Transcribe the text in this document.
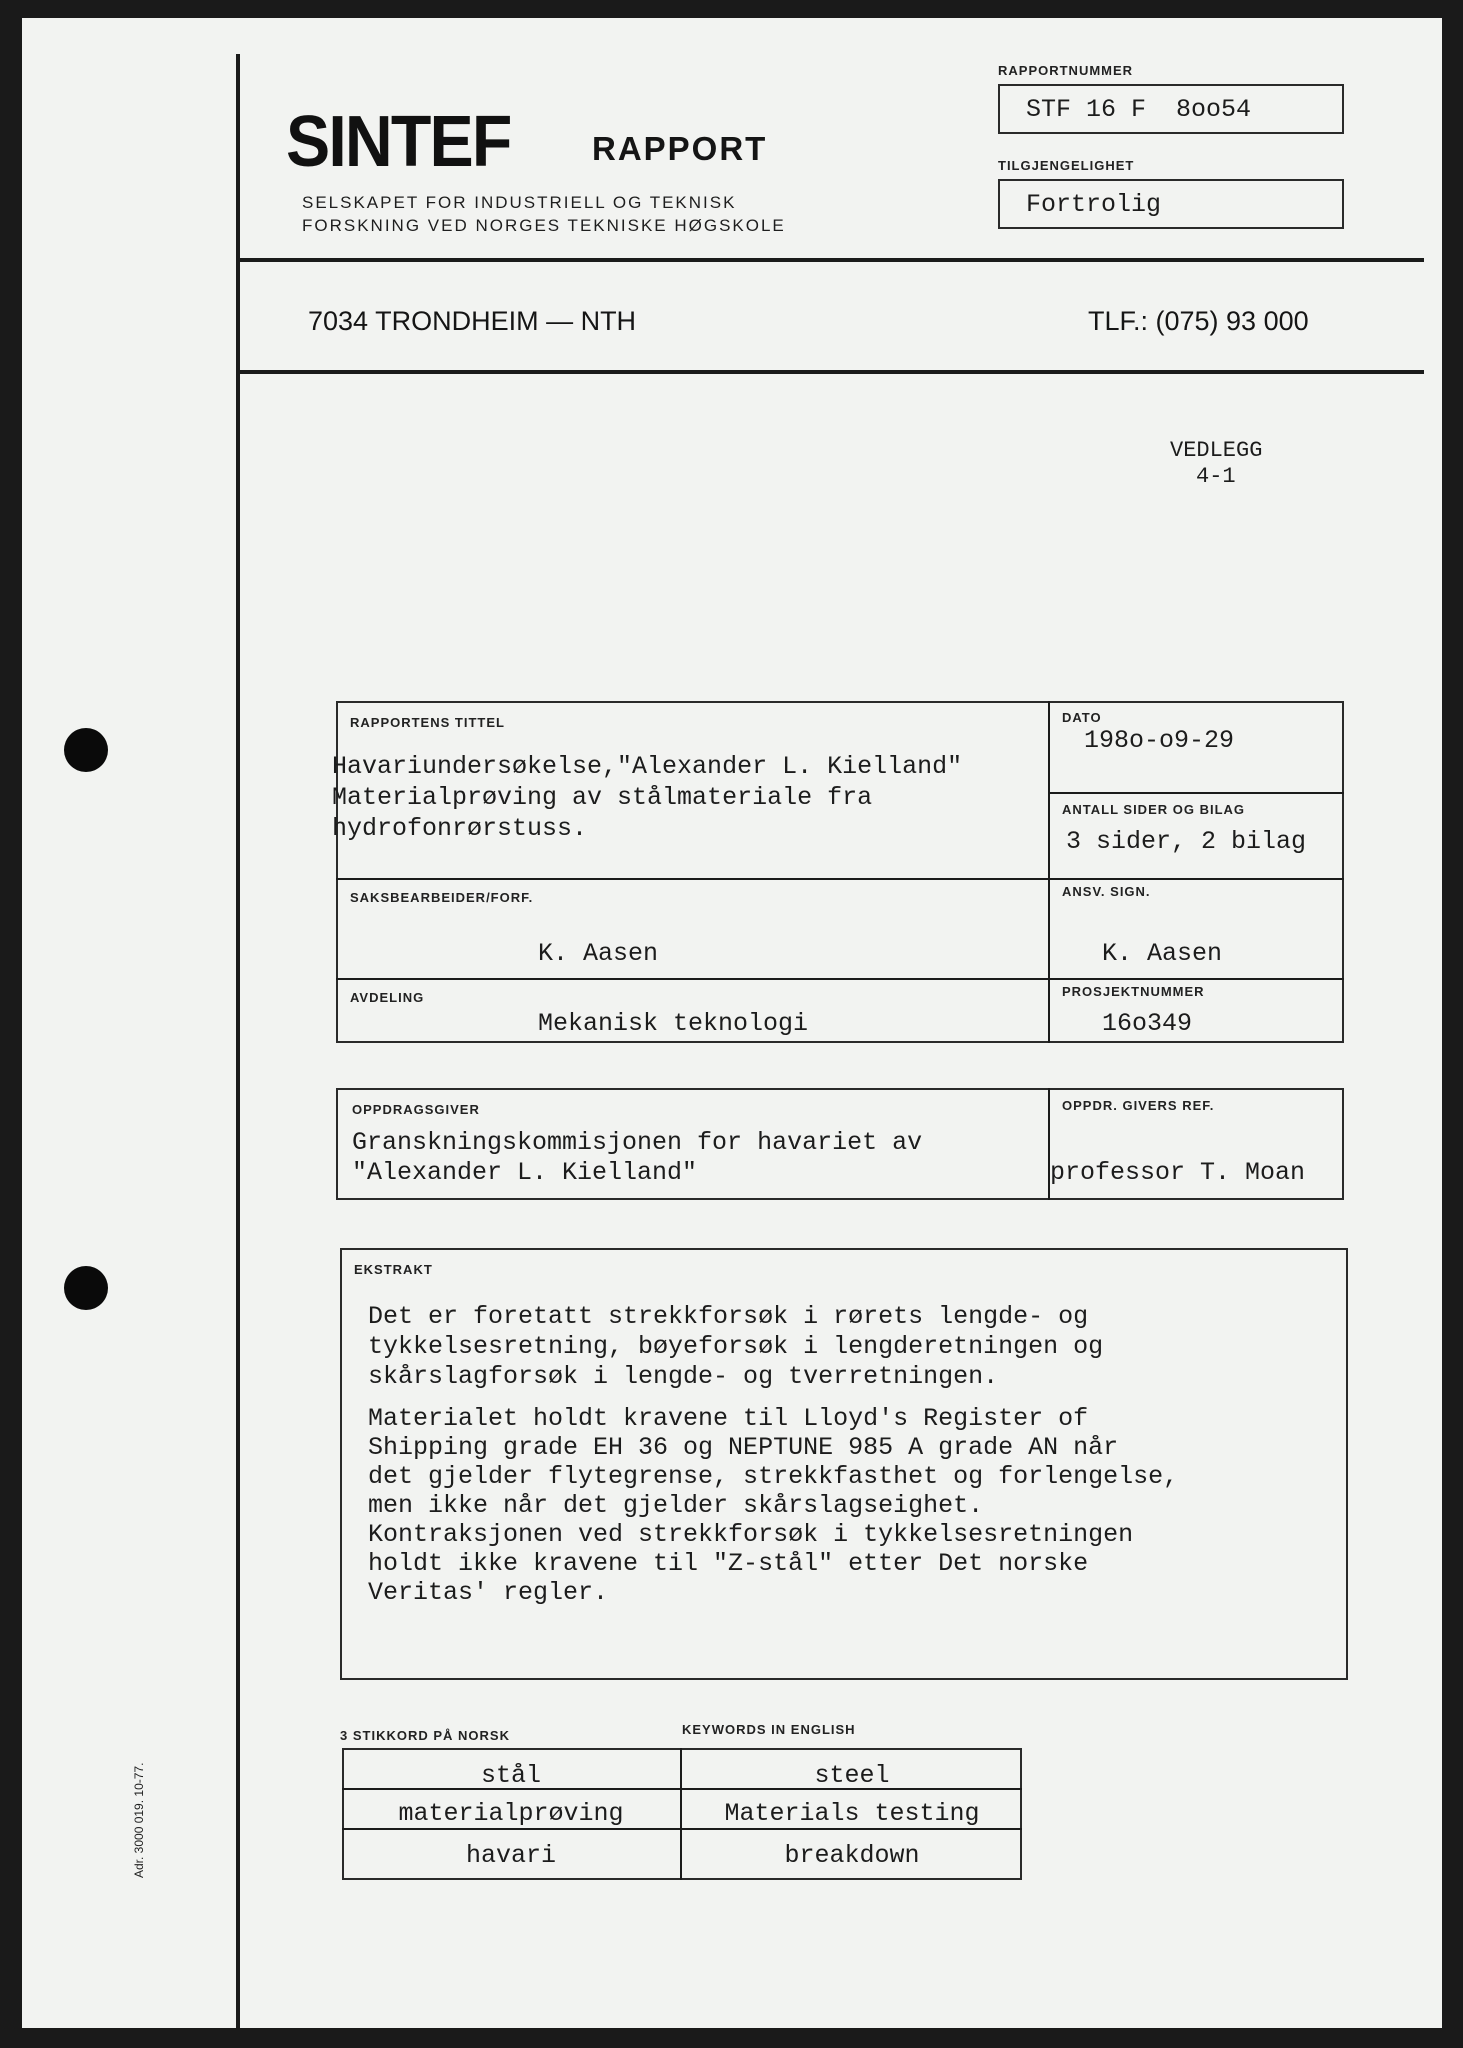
Adr. 3000 019. 10-77.
SINTEF RAPPORT
SELSKAPET FOR INDUSTRIELL OG TEKNISK
FORSKNING VED NORGES TEKNISKE HØGSKOLE
RAPPORTNUMMER
STF 16 F  8oo54
TILGJENGELIGHET
Fortrolig
7034 TRONDHEIM — NTH	TLF.: (075) 93 000
VEDLEGG
4-1
RAPPORTENS TITTEL
Havariundersøkelse,"Alexander L. Kielland"
Materialprøving av stålmateriale fra
hydrofonrørstuss.
DATO
198o-o9-29
ANTALL SIDER OG BILAG
3 sider, 2 bilag
SAKSBEARBEIDER/FORF.
K. Aasen
ANSV. SIGN.
K. Aasen
AVDELING
Mekanisk teknologi
PROSJEKTNUMMER
16o349
OPPDRAGSGIVER
Granskningskommisjonen for havariet av
"Alexander L. Kielland"
OPPDR. GIVERS REF.
professor T. Moan
EKSTRAKT
Det er foretatt strekkforsøk i rørets lengde- og
tykkelsesretning, bøyeforsøk i lengderetningen og
skårslagforsøk i lengde- og tverretningen.
Materialet holdt kravene til Lloyd's Register of
Shipping grade EH 36 og NEPTUNE 985 A grade AN når
det gjelder flytegrense, strekkfasthet og forlengelse,
men ikke når det gjelder skårslagseighet.
Kontraksjonen ved strekkforsøk i tykkelsesretningen
holdt ikke kravene til "Z-stål" etter Det norske
Veritas' regler.
3 STIKKORD PÅ NORSK	KEYWORDS IN ENGLISH
stål	steel
materialprøving	Materials testing
havari	breakdown
